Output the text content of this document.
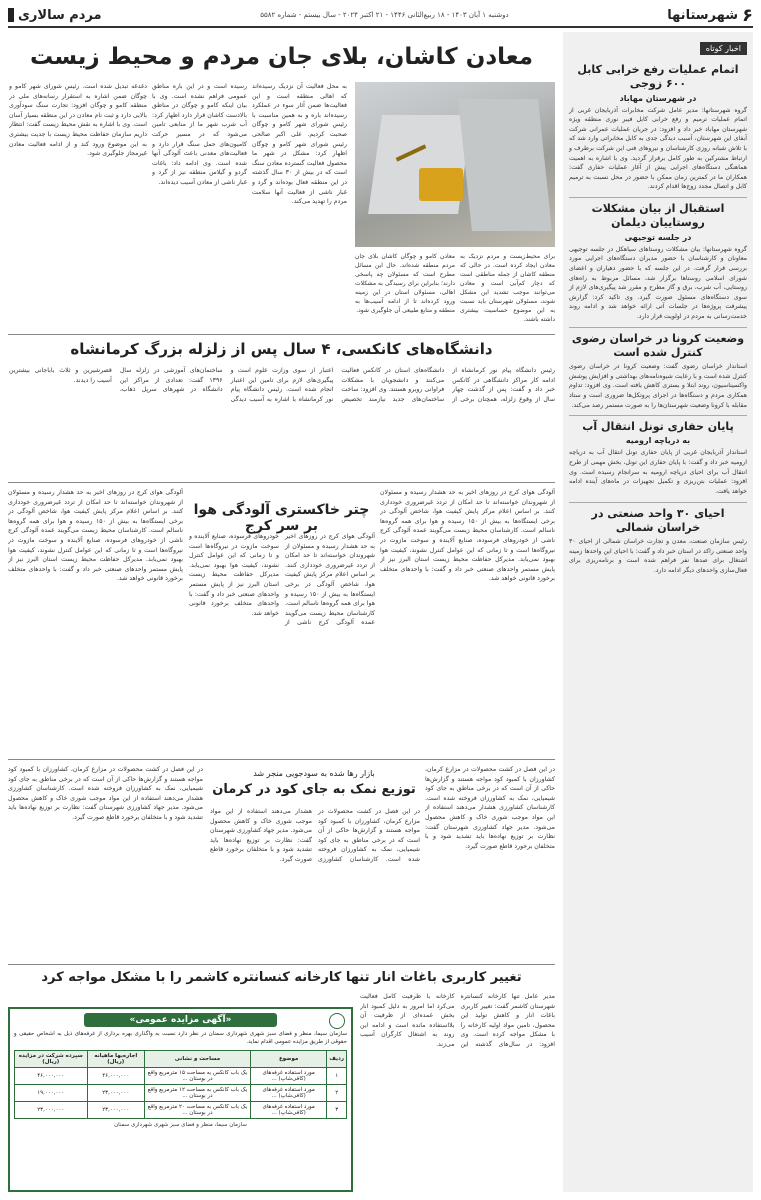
۶
شهرستانها
دوشنبه ۱ آبان ۱۴۰۳ - ۱۸ ربیع‌الثانی ۱۴۴۶ - ۲۱ اکتبر ۲۰۲۴ - سال بیستم - شماره ۵۵۸۲
مردم سالاری
اخبار کوتاه
اتمام عملیات رفع خرابی کابل ۶۰۰ زوجی
در شهرستان مهاباد

گروه شهرستانها: مدیر عامل شرکت مخابرات آذربایجان غربی از اتمام عملیات ترمیم و رفع خرابی کابل فیبر نوری منطقه ویژه شهرستان مهاباد خبر داد و افزود: در جریان عملیات عمرانی شرکت آبفای این شهرستان، آسیب دیدگی جدی به کابل مخابراتی وارد شد که با تلاش شبانه روزی کارشناسان و نیروهای فنی این شرکت برطرف و ارتباط مشترکین به طور کامل برقرار گردید. وی با اشاره به اهمیت هماهنگی دستگاه‌های اجرایی پیش از آغاز عملیات حفاری گفت: همکاران ما در کمترین زمان ممکن با حضور در محل نسبت به ترمیم کابل و اتصال مجدد زوج‌ها اقدام کردند.

استقبال از بیان مشکلات روستاییان دیلمان
در جلسه توجیهی

گروه شهرستانها: بیان مشکلات روستاهای سیاهکل در جلسه توجیهی معاونان و کارشناسان با حضور مدیران دستگاه‌های اجرایی مورد بررسی قرار گرفت. در این جلسه که با حضور دهیاران و اعضای شورای اسلامی روستاها برگزار شد، مسائل مربوط به راه‌های روستایی، آب شرب، برق و گاز مطرح و مقرر شد پیگیری‌های لازم از سوی دستگاه‌های مسئول صورت گیرد. وی تاکید کرد: گزارش پیشرفت پروژه‌ها در جلسات آتی ارائه خواهد شد و ادامه روند خدمت‌رسانی به مردم در اولویت قرار دارد.

وضعیت کرونا در خراسان رضوی کنترل شده است

استاندار خراسان رضوی گفت: وضعیت کرونا در خراسان رضوی کنترل شده است و با رعایت شیوه‌نامه‌های بهداشتی و افزایش پوشش واکسیناسیون، روند ابتلا و بستری کاهش یافته است. وی افزود: تداوم همکاری مردم و دستگاه‌ها در اجرای پروتکل‌ها ضروری است و ستاد مقابله با کرونا وضعیت شهرستان‌ها را به صورت مستمر رصد می‌کند.

پایان حفاری تونل انتقال آب
به دریاچه ارومیه

استاندار آذربایجان غربی از پایان حفاری تونل انتقال آب به دریاچه ارومیه خبر داد و گفت: با پایان حفاری این تونل، بخش مهمی از طرح انتقال آب برای احیای دریاچه ارومیه به سرانجام رسیده است. وی افزود: عملیات بتن‌ریزی و تکمیل تجهیزات در ماه‌های آینده ادامه خواهد یافت.

احیای ۳۰ واحد صنعتی در خراسان شمالی

رئیس سازمان صنعت، معدن و تجارت خراسان شمالی از احیای ۳۰ واحد صنعتی راکد در استان خبر داد و گفت: با احیای این واحدها زمینه اشتغال برای صدها نفر فراهم شده است و برنامه‌ریزی برای فعال‌سازی واحدهای دیگر ادامه دارد.

معادن کاشان، بلای جان مردم و محیط زیست
معادن کامو و چوگان کاشان بلای جان مردم منطقه شده‌اند. حال این مسائل مطرح است که مسئولان چه پاسخی دارند؛ بنابراین برای رسیدگی به مشکلات اهالی، مسئولان استان در این زمینه ورود کرده‌اند تا از ادامه آسیب‌ها به منطقه و منابع طبیعی آن جلوگیری شود.
برای محیط‌زیست و مردم نزدیک به معادن ایجاد کرده است. در حالی که منطقه کاشان از جمله مناطقی است که دچار کم‌آبی است و معادن می‌توانند موجب تشدید این مشکل شوند، مسئولان شهرستان باید نسبت به این موضوع حساسیت بیشتری داشته باشند.
به محل فعالیت آن نزدیک رسیده‌اند که اهالی منطقه است و این فعالیت‌ها ضمن آثار سوء در عملکرد رسیده‌اند باره و به همین مناسبت با رئیس شورای شهر کامو و چوگان صحبت کردیم. علی اکبر صالحی رئیس شورای شهر کامو و چوگان اظهار کرد: مشکل در شهر ما محصول فعالیت گسترده معادن سنگ است که در بیش از ۳۰ سال گذشته در این منطقه فعال بوده‌اند و گرد و غبار ناشی از فعالیت آنها سلامت مردم را تهدید می‌کند.
رسیده است و در این باره مناطق عمومی فراهم نشده است. وی با بیان اینکه کامو و چوگان در مناطق بالادست کاشان قرار دارد اظهار کرد: آب شرب شهر ما از منابعی تامین می‌شود که در مسیر حرکت کامیون‌های حمل سنگ قرار دارد و فعالیت‌های معدنی باعث آلودگی آنها شده است. وی ادامه داد: باغات گردو و گیلاس منطقه نیز از گرد و غبار ناشی از معادن آسیب دیده‌اند.
دغدغه تبدیل شده است. رئیس شورای شهر کامو و چوگان ضمن اشاره به استقرار رسانه‌های ملی در منطقه کامو و چوگان افزود: تجارت سنگ سودآوری بالایی دارد و ثبت نام معادن در این منطقه بسیار آسان است. وی با اشاره به نقش محیط زیست گفت: انتظار داریم سازمان حفاظت محیط زیست با جدیت بیشتری به این موضوع ورود کند و از ادامه فعالیت معادن غیرمجاز جلوگیری شود.
دانشگاه‌های کانکسی، ۴ سال پس از زلزله بزرگ کرمانشاه
رئیس دانشگاه پیام نور کرمانشاه از ادامه کار مراکز دانشگاهی در کانکس خبر داد و گفت: پس از گذشت چهار سال از وقوع زلزله، همچنان برخی از دانشگاه‌های استان در کانکس فعالیت می‌کنند و دانشجویان با مشکلات فراوانی روبرو هستند. وی افزود: ساخت ساختمان‌های جدید نیازمند تخصیص اعتبار از سوی وزارت علوم است و پیگیری‌های لازم برای تامین این اعتبار انجام شده است. رئیس دانشگاه پیام نور کرمانشاه با اشاره به آسیب دیدگی ساختمان‌های آموزشی در زلزله سال ۱۳۹۶ گفت: تعدادی از مراکز این دانشگاه در شهرهای سرپل ذهاب، قصرشیرین و ثلاث باباجانی بیشترین آسیب را دیدند.
آلودگی هوای کرج در روزهای اخیر به حد هشدار رسیده و مسئولان از شهروندان خواسته‌اند تا حد امکان از تردد غیرضروری خودداری کنند. بر اساس اعلام مرکز پایش کیفیت هوا، شاخص آلودگی در برخی ایستگاه‌ها به بیش از ۱۵۰ رسیده و هوا برای همه گروه‌ها ناسالم است. کارشناسان محیط زیست می‌گویند عمده آلودگی کرج ناشی از خودروهای فرسوده، صنایع آلاینده و سوخت مازوت در نیروگاه‌ها است و تا زمانی که این عوامل کنترل نشوند، کیفیت هوا بهبود نمی‌یابد. مدیرکل حفاظت محیط زیست استان البرز نیز از پایش مستمر واحدهای صنعتی خبر داد و گفت: با واحدهای متخلف برخورد قانونی خواهد شد.
چتر خاکستری آلودگی هوا بر سر کرج
آلودگی هوای کرج در روزهای اخیر به حد هشدار رسیده و مسئولان از شهروندان خواسته‌اند تا حد امکان از تردد غیرضروری خودداری کنند. بر اساس اعلام مرکز پایش کیفیت هوا، شاخص آلودگی در برخی ایستگاه‌ها به بیش از ۱۵۰ رسیده و هوا برای همه گروه‌ها ناسالم است. کارشناسان محیط زیست می‌گویند عمده آلودگی کرج ناشی از خودروهای فرسوده، صنایع آلاینده و سوخت مازوت در نیروگاه‌ها است و تا زمانی که این عوامل کنترل نشوند، کیفیت هوا بهبود نمی‌یابد. مدیرکل حفاظت محیط زیست استان البرز نیز از پایش مستمر واحدهای صنعتی خبر داد و گفت: با واحدهای متخلف برخورد قانونی خواهد شد.
آلودگی هوای کرج در روزهای اخیر به حد هشدار رسیده و مسئولان از شهروندان خواسته‌اند تا حد امکان از تردد غیرضروری خودداری کنند. بر اساس اعلام مرکز پایش کیفیت هوا، شاخص آلودگی در برخی ایستگاه‌ها به بیش از ۱۵۰ رسیده و هوا برای همه گروه‌ها ناسالم است. کارشناسان محیط زیست می‌گویند عمده آلودگی کرج ناشی از خودروهای فرسوده، صنایع آلاینده و سوخت مازوت در نیروگاه‌ها است و تا زمانی که این عوامل کنترل نشوند، کیفیت هوا بهبود نمی‌یابد. مدیرکل حفاظت محیط زیست استان البرز نیز از پایش مستمر واحدهای صنعتی خبر داد و گفت: با واحدهای متخلف برخورد قانونی خواهد شد.
در این فصل در کشت محصولات در مزارع کرمان، کشاورزان با کمبود کود مواجه هستند و گزارش‌ها حاکی از آن است که در برخی مناطق به جای کود شیمیایی، نمک به کشاورزان فروخته شده است. کارشناسان کشاورزی هشدار می‌دهند استفاده از این مواد موجب شوری خاک و کاهش محصول می‌شود. مدیر جهاد کشاورزی شهرستان گفت: نظارت بر توزیع نهاده‌ها باید تشدید شود و با متخلفان برخورد قاطع صورت گیرد.
بازار رها شده به سودجویی منجر شد
توزیع نمک به جای کود در کرمان
در این فصل در کشت محصولات در مزارع کرمان، کشاورزان با کمبود کود مواجه هستند و گزارش‌ها حاکی از آن است که در برخی مناطق به جای کود شیمیایی، نمک به کشاورزان فروخته شده است. کارشناسان کشاورزی هشدار می‌دهند استفاده از این مواد موجب شوری خاک و کاهش محصول می‌شود. مدیر جهاد کشاورزی شهرستان گفت: نظارت بر توزیع نهاده‌ها باید تشدید شود و با متخلفان برخورد قاطع صورت گیرد.
در این فصل در کشت محصولات در مزارع کرمان، کشاورزان با کمبود کود مواجه هستند و گزارش‌ها حاکی از آن است که در برخی مناطق به جای کود شیمیایی، نمک به کشاورزان فروخته شده است. کارشناسان کشاورزی هشدار می‌دهند استفاده از این مواد موجب شوری خاک و کاهش محصول می‌شود. مدیر جهاد کشاورزی شهرستان گفت: نظارت بر توزیع نهاده‌ها باید تشدید شود و با متخلفان برخورد قاطع صورت گیرد.
تغییر کاربری باغات انار تنها کارخانه کنسانتره کاشمر را با مشکل مواجه کرد
مدیر عامل تنها کارخانه کنسانتره شهرستان کاشمر گفت: تغییر کاربری باغات انار و کاهش تولید این محصول، تامین مواد اولیه کارخانه را با مشکل مواجه کرده است. وی افزود: در سال‌های گذشته این کارخانه با ظرفیت کامل فعالیت می‌کرد اما امروز به دلیل کمبود انار بخش عمده‌ای از ظرفیت آن بلااستفاده مانده است و ادامه این روند به اشتغال کارگران آسیب می‌زند.
«آگهی مزایده عمومی»
سازمان سیما، منظر و فضای سبز شهری شهرداری سمنان در نظر دارد نسبت به واگذاری بهره برداری از غرفه‌های ذیل به اشخاص حقیقی و حقوقی از طریق مزایده عمومی اقدام نماید.
ردیف	موضوع	مساحت و نشانی	اجاره‌بها ماهیانه (ریال)	سپرده شرکت در مزایده (ریال)
۱	مورد استفاده غرفه‌های (کافی‌شاپ) ...	یک باب کانکس به مساحت ۱۵ مترمربع واقع در بوستان ...	۴۶,۰۰۰,۰۰۰	۴۶,۰۰۰,۰۰۰
۲	مورد استفاده غرفه‌های (کافی‌شاپ) ...	یک باب کانکس به مساحت ۱۲ مترمربع واقع در بوستان ...	۲۳,۰۰۰,۰۰۰	۱۹,۰۰۰,۰۰۰
۳	مورد استفاده غرفه‌های (کافی‌شاپ) ...	یک باب کانکس به مساحت ۲۰ مترمربع واقع در بوستان ...	۲۳,۰۰۰,۰۰۰	۲۳,۰۰۰,۰۰۰
سازمان سیما، منظر و فضای سبز شهری شهرداری سمنان
